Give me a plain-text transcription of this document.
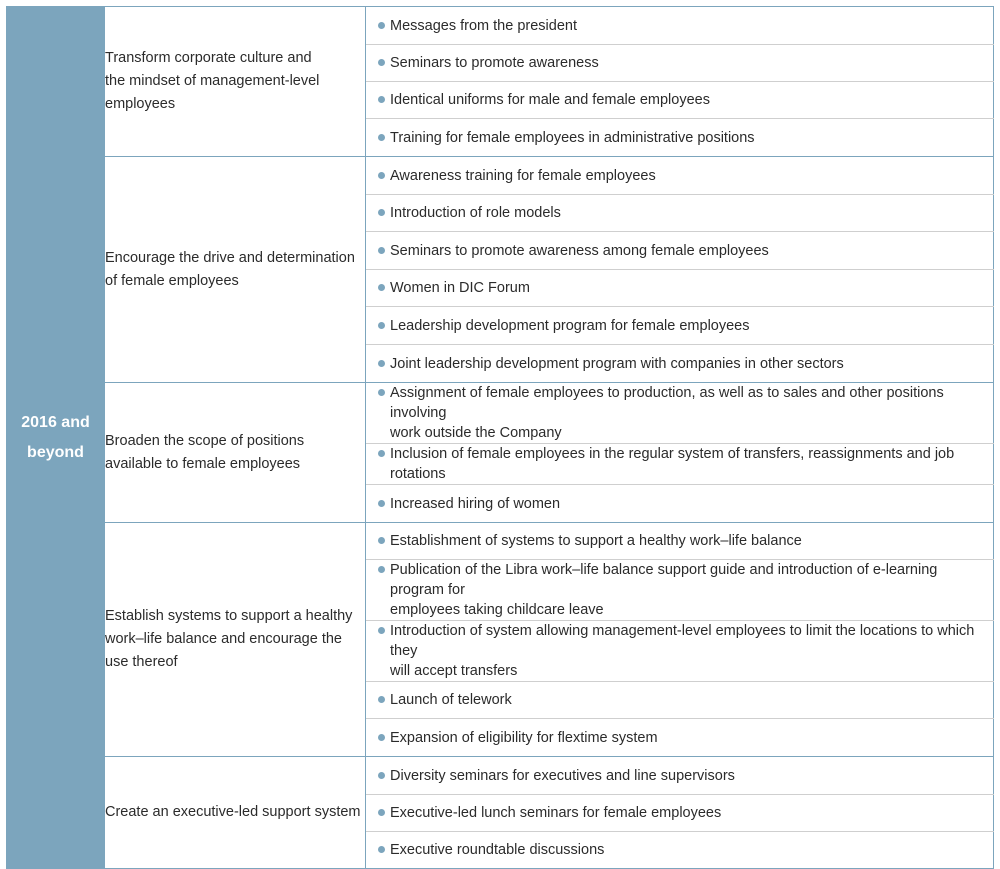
2016 and
beyond	Transform corporate culture and
the mindset of management-level
employees	Messages from the president

		Seminars to promote awareness

		Identical uniforms for male and female employees

		Training for female employees in administrative positions

	Encourage the drive and determination
of female employees	Awareness training for female employees

		Introduction of role models

		Seminars to promote awareness among female employees

		Women in DIC Forum

		Leadership development program for female employees

		Joint leadership development program with companies in other sectors

	Broaden the scope of positions
available to female employees	Assignment of female employees to production, as well as to sales and other positions involving
work outside the Company

		Inclusion of female employees in the regular system of transfers, reassignments and job rotations

		Increased hiring of women

	Establish systems to support a healthy
work–life balance and encourage the
use thereof	Establishment of systems to support a healthy work–life balance

		Publication of the Libra work–life balance support guide and introduction of e-learning program for
employees taking childcare leave

		Introduction of system allowing management-level employees to limit the locations to which they
will accept transfers

		Launch of telework

		Expansion of eligibility for flextime system

	Create an executive-led support system	Diversity seminars for executives and line supervisors

		Executive-led lunch seminars for female employees

		Executive roundtable discussions
